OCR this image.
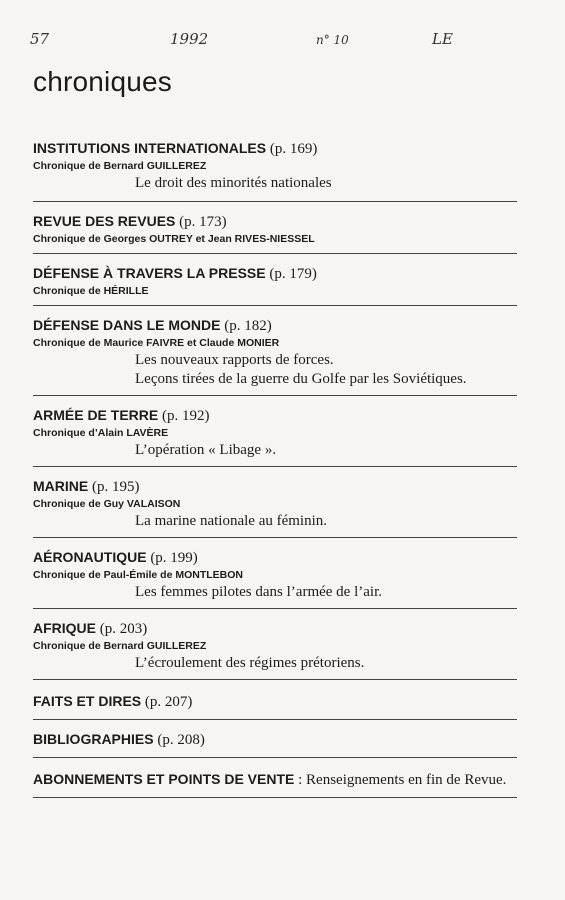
57	1992	n° 10	LE
chroniques
INSTITUTIONS INTERNATIONALES (p. 169)
Chronique de Bernard GUILLEREZ
Le droit des minorités nationales
REVUE DES REVUES (p. 173)
Chronique de Georges OUTREY et Jean RIVES-NIESSEL
DÉFENSE À TRAVERS LA PRESSE (p. 179)
Chronique de HÉRILLE
DÉFENSE DANS LE MONDE (p. 182)
Chronique de Maurice FAIVRE et Claude MONIER
Les nouveaux rapports de forces.
Leçons tirées de la guerre du Golfe par les Soviétiques.
ARMÉE DE TERRE (p. 192)
Chronique d’Alain LAVÈRE
L’opération « Libage ».
MARINE (p. 195)
Chronique de Guy VALAISON
La marine nationale au féminin.
AÉRONAUTIQUE (p. 199)
Chronique de Paul-Émile de MONTLEBON
Les femmes pilotes dans l’armée de l’air.
AFRIQUE (p. 203)
Chronique de Bernard GUILLEREZ
L’écroulement des régimes prétoriens.
FAITS ET DIRES (p. 207)
BIBLIOGRAPHIES (p. 208)
ABONNEMENTS ET POINTS DE VENTE : Renseignements en fin de Revue.
